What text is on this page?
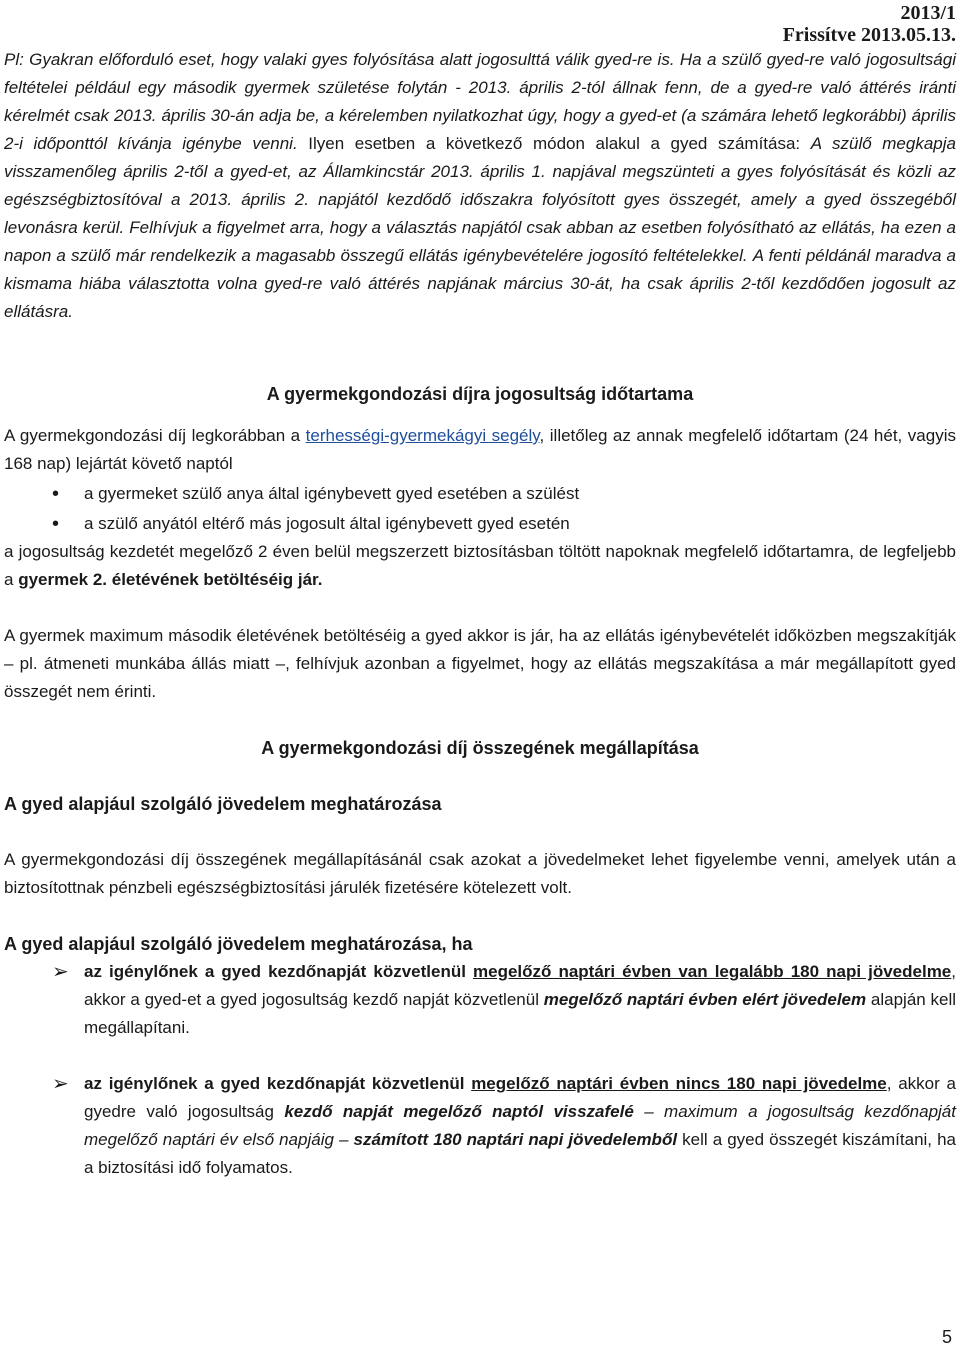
2013/1
Frissítve 2013.05.13.

Pl: Gyakran előforduló eset, hogy valaki gyes folyósítása alatt jogosulttá válik gyed-re is. Ha a szülő gyed-re való jogosultsági feltételei például egy második gyermek születése folytán - 2013. április 2-tól állnak fenn, de a gyed-re való áttérés iránti kérelmét csak 2013. április 30-án adja be, a kérelemben nyilatkozhat úgy, hogy a gyed-et (a számára lehető legkorábbi) április 2-i időponttól kívánja igénybe venni. Ilyen esetben a következő módon alakul a gyed számítása: A szülő megkapja visszamenőleg április 2-től a gyed-et, az Államkincstár 2013. április 1. napjával megszünteti a gyes folyósítását és közli az egészségbiztosítóval a 2013. április 2. napjától kezdődő időszakra folyósított gyes összegét, amely a gyed összegéből levonásra kerül. Felhívjuk a figyelmet arra, hogy a választás napjától csak abban az esetben folyósítható az ellátás, ha ezen a napon a szülő már rendelkezik a magasabb összegű ellátás igénybevételére jogosító feltételekkel. A fenti példánál maradva a kismama hiába választotta volna gyed-re való áttérés napjának március 30-át, ha csak április 2-től kezdődően jogosult az ellátásra.

A gyermekgondozási díjra jogosultság időtartama

A gyermekgondozási díj legkorábban a terhességi-gyermekágyi segély, illetőleg az annak megfelelő időtartam (24 hét, vagyis 168 nap) lejártát követő naptól

• a gyermeket szülő anya által igénybevett gyed esetében a szülést
• a szülő anyától eltérő más jogosult által igénybevett gyed esetén

a jogosultság kezdetét megelőző 2 éven belül megszerzett biztosításban töltött napoknak megfelelő időtartamra, de legfeljebb a gyermek 2. életévének betöltéséig jár.

A gyermek maximum második életévének betöltéséig a gyed akkor is jár, ha az ellátás igénybevételét időközben megszakítják – pl. átmeneti munkába állás miatt –, felhívjuk azonban a figyelmet, hogy az ellátás megszakítása a már megállapított gyed összegét nem érinti.

A gyermekgondozási díj összegének megállapítása

A gyed alapjául szolgáló jövedelem meghatározása

A gyermekgondozási díj összegének megállapításánál csak azokat a jövedelmeket lehet figyelembe venni, amelyek után a biztosítottnak pénzbeli egészségbiztosítási járulék fizetésére kötelezett volt.

A gyed alapjául szolgáló jövedelem meghatározása, ha

➢ az igénylőnek a gyed kezdőnapját közvetlenül megelőző naptári évben van legalább 180 napi jövedelme, akkor a gyed-et a gyed jogosultság kezdő napját közvetlenül megelőző naptári évben elért jövedelem alapján kell megállapítani.
➢ az igénylőnek a gyed kezdőnapját közvetlenül megelőző naptári évben nincs 180 napi jövedelme, akkor a gyedre való jogosultság kezdő napját megelőző naptól visszafelé – maximum a jogosultság kezdőnapját megelőző naptári év első napjáig – számított 180 naptári napi jövedelemből kell a gyed összegét kiszámítani, ha a biztosítási idő folyamatos.
5
